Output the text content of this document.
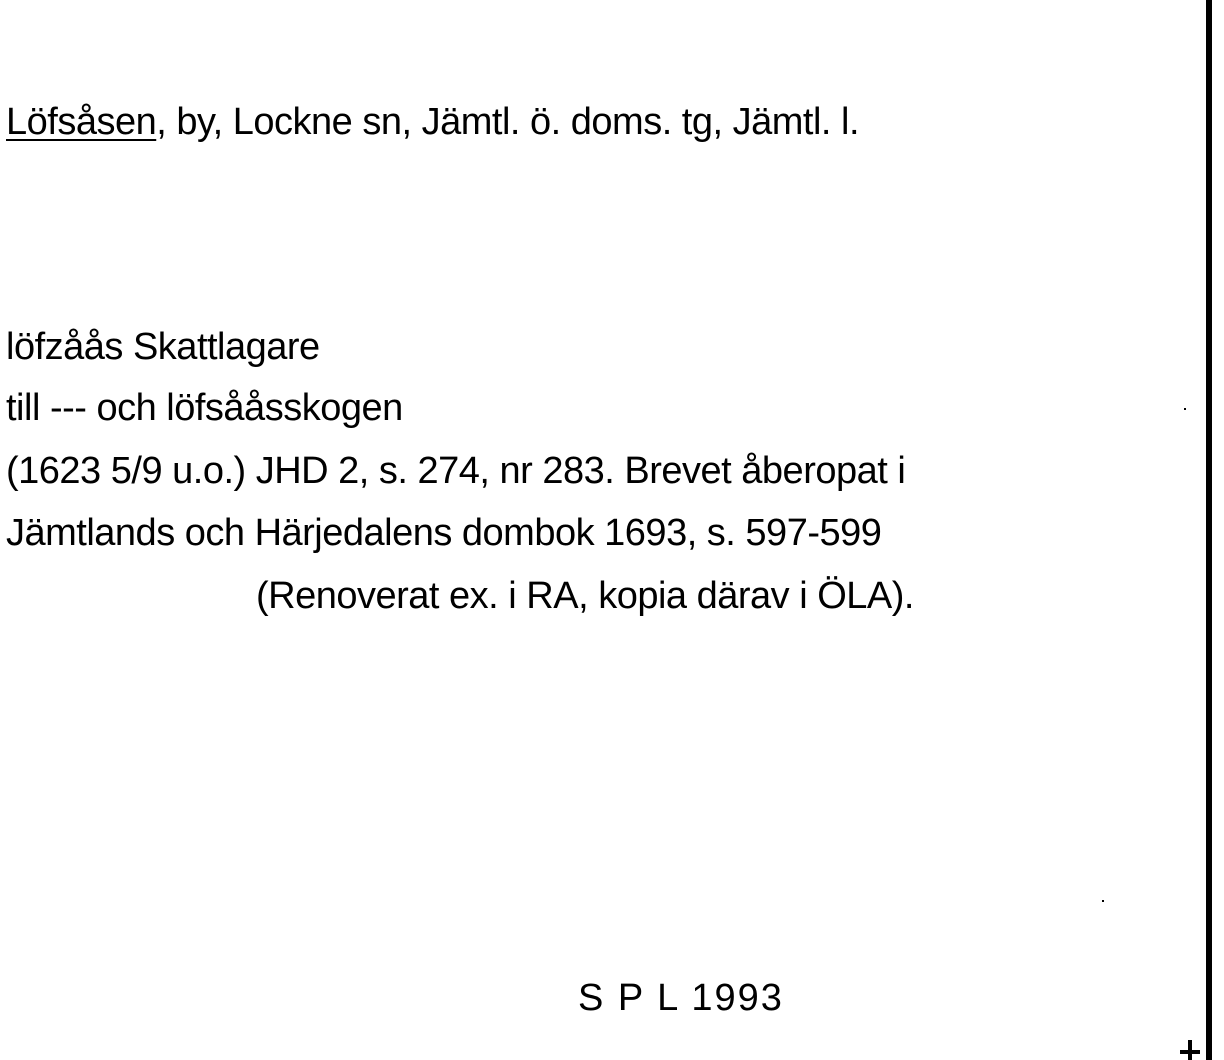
Löfsåsen, by, Lockne sn, Jämtl. ö. doms. tg, Jämtl. l.
löfzåås Skattlagare
till --- och löfsååsskogen
(1623 5/9 u.o.) JHD 2, s. 274, nr 283. Brevet åberopat i
Jämtlands och Härjedalens dombok 1693, s. 597-599
(Renoverat ex. i RA, kopia därav i ÖLA).
S P L 1993
